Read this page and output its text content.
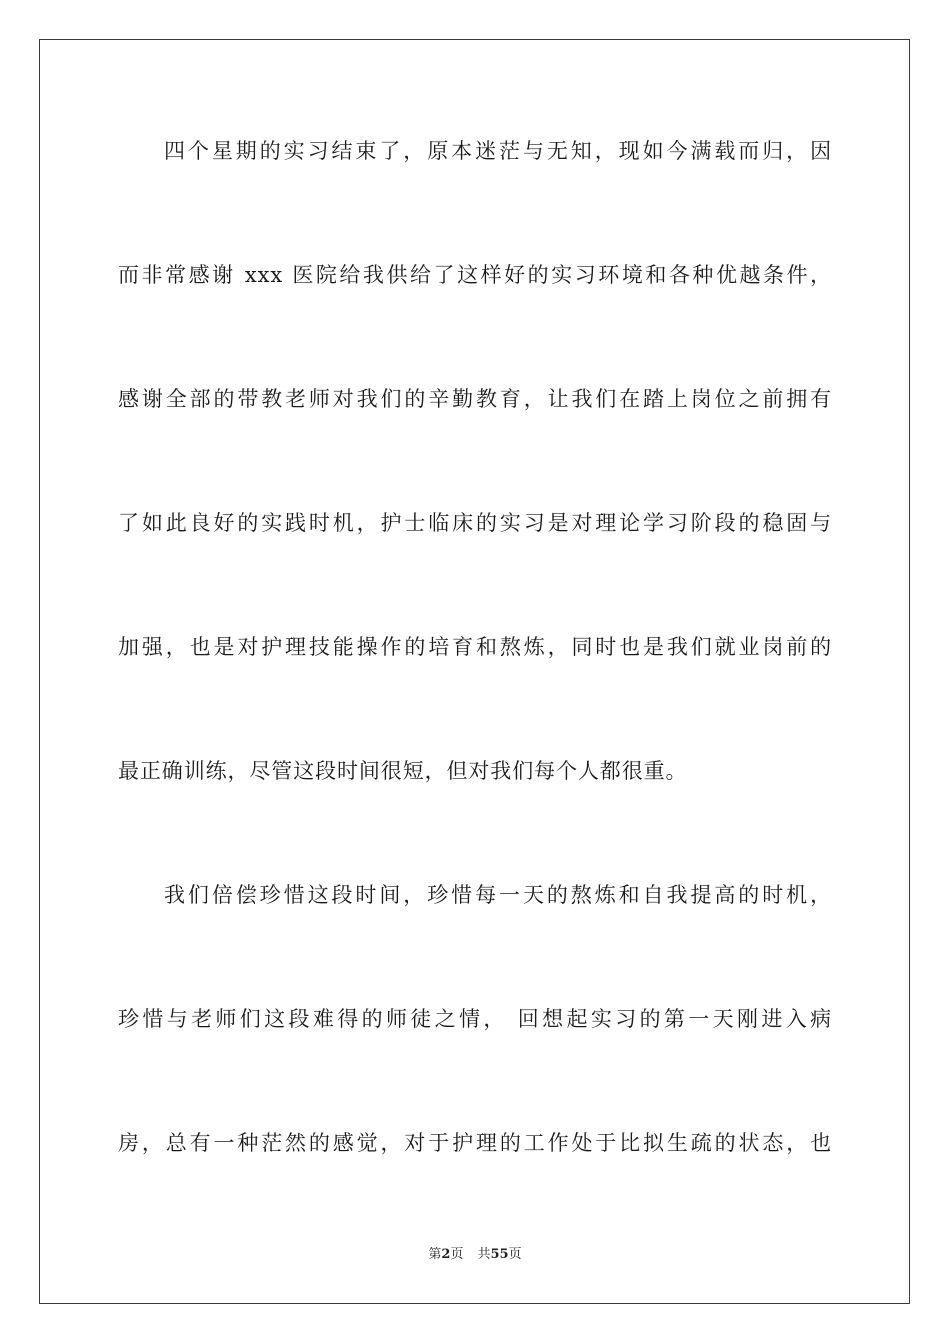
四个星期的实习结束了，原本迷茫与无知，现如今满载而归，因
而非常感谢 xxx 医院给我供给了这样好的实习环境和各种优越条件，
感谢全部的带教老师对我们的辛勤教育，让我们在踏上岗位之前拥有
了如此良好的实践时机，护士临床的实习是对理论学习阶段的稳固与
加强，也是对护理技能操作的培育和熬炼，同时也是我们就业岗前的
最正确训练，尽管这段时间很短，但对我们每个人都很重。
我们倍偿珍惜这段时间，珍惜每一天的熬炼和自我提高的时机，
珍惜与老师们这段难得的师徒之情， 回想起实习的第一天刚进入病
房，总有一种茫然的感觉，对于护理的工作处于比拟生疏的状态，也
第2页 共55页
